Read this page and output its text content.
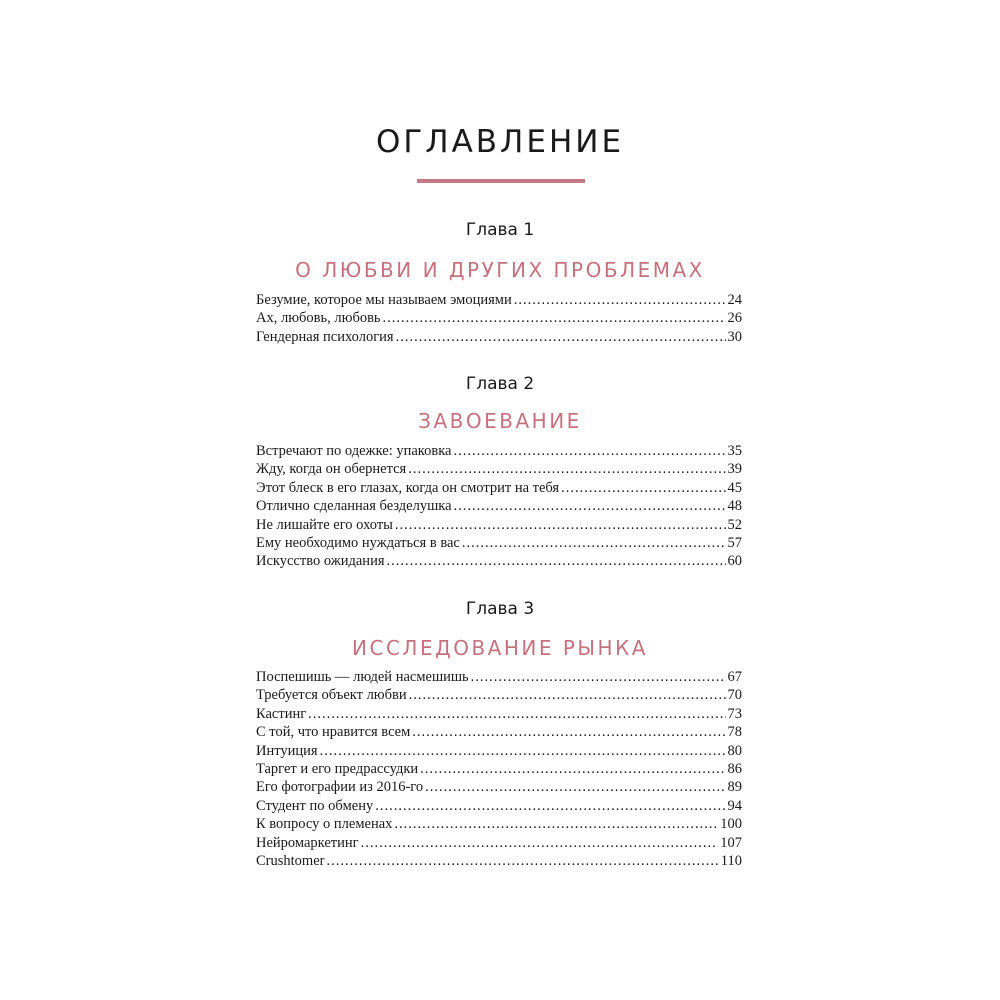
ОГЛАВЛЕНИЕ
Глава 1
О ЛЮБВИ И ДРУГИХ ПРОБЛЕМАХ
Безумие, которое мы называем эмоциями .....	24
Ах, любовь, любовь .....	26
Гендерная психология .....	30
Глава 2
ЗАВОЕВАНИЕ
Встречают по одежке: упаковка .....	35
Жду, когда он обернется .....	39
Этот блеск в его глазах, когда он смотрит на тебя .....	45
Отлично сделанная безделушка .....	48
Не лишайте его охоты .....	52
Ему необходимо нуждаться в вас .....	57
Искусство ожидания .....	60
Глава 3
ИССЛЕДОВАНИЕ РЫНКА
Поспешишь — людей насмешишь .....	67
Требуется объект любви .....	70
Кастинг .....	73
С той, что нравится всем .....	78
Интуиция .....	80
Таргет и его предрассудки .....	86
Его фотографии из 2016-го .....	89
Студент по обмену .....	94
К вопросу о племенах .....	100
Нейромаркетинг .....	107
Crushtomer .....	110
